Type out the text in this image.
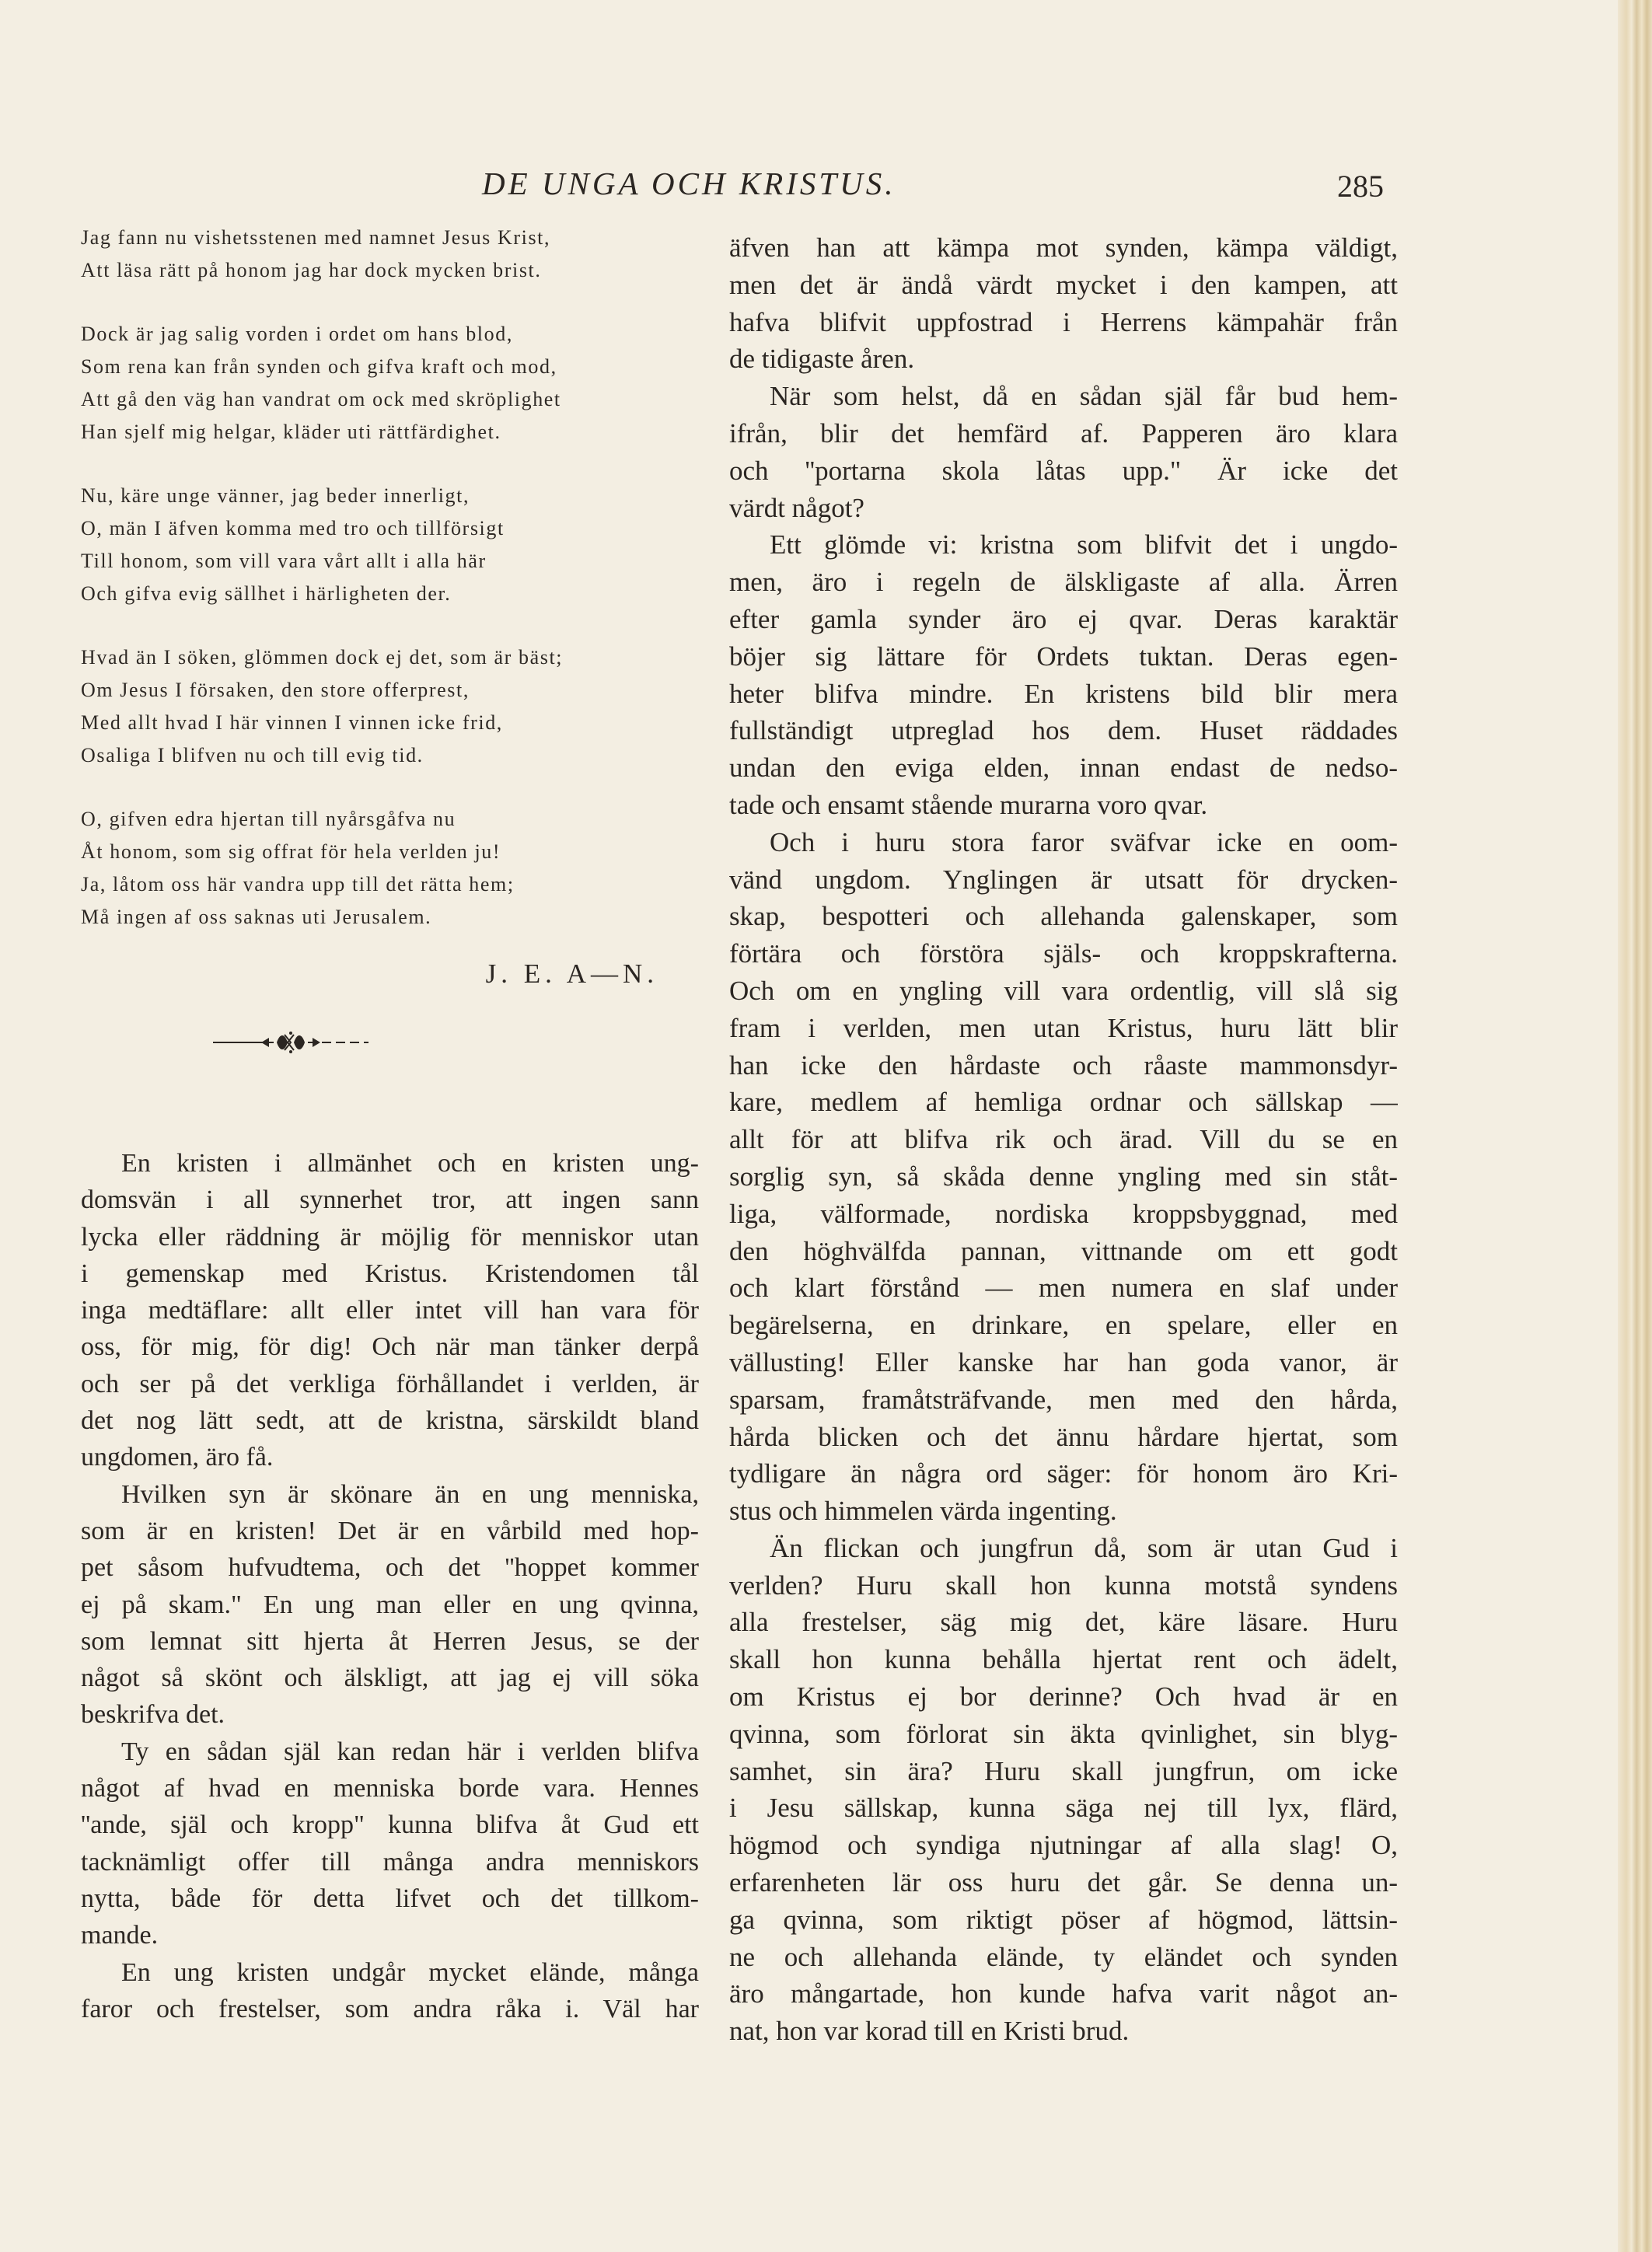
DE UNGA OCH KRISTUS.	285
Jag fann nu vishetsstenen med namnet Jesus Krist,
Att läsa rätt på honom jag har dock mycken brist.
Dock är jag salig vorden i ordet om hans blod,
Som rena kan från synden och gifva kraft och mod,
Att gå den väg han vandrat om ock med skröplighet
Han sjelf mig helgar, kläder uti rättfärdighet.
Nu, käre unge vänner, jag beder innerligt,
O, män I äfven komma med tro och tillförsigt
Till honom, som vill vara vårt allt i alla här
Och gifva evig sällhet i härligheten der.
Hvad än I söken, glömmen dock ej det, som är bäst;
Om Jesus I försaken, den store offerprest,
Med allt hvad I här vinnen I vinnen icke frid,
Osaliga I blifven nu och till evig tid.
O, gifven edra hjertan till nyårsgåfva nu
Åt honom, som sig offrat för hela verlden ju!
Ja, låtom oss här vandra upp till det rätta hem;
Må ingen af oss saknas uti Jerusalem.
J. E. A—N.
En kristen i allmänhet och en kristen ung-
domsvän i all synnerhet tror, att ingen sann
lycka eller räddning är möjlig för menniskor utan
i gemenskap med Kristus. Kristendomen tål
inga medtäflare: allt eller intet vill han vara för
oss, för mig, för dig! Och när man tänker derpå
och ser på det verkliga förhållandet i verlden, är
det nog lätt sedt, att de kristna, särskildt bland
ungdomen, äro få.
Hvilken syn är skönare än en ung menniska,
som är en kristen! Det är en vårbild med hop-
pet såsom hufvudtema, och det ''hoppet kommer
ej på skam." En ung man eller en ung qvinna,
som lemnat sitt hjerta åt Herren Jesus, se der
något så skönt och älskligt, att jag ej vill söka
beskrifva det.
Ty en sådan själ kan redan här i verlden blifva
något af hvad en menniska borde vara. Hennes
''ande, själ och kropp" kunna blifva åt Gud ett
tacknämligt offer till många andra menniskors
nytta, både för detta lifvet och det tillkom-
mande.
En ung kristen undgår mycket elände, många
faror och frestelser, som andra råka i. Väl har
äfven han att kämpa mot synden, kämpa väldigt,
men det är ändå värdt mycket i den kampen, att
hafva blifvit uppfostrad i Herrens kämpahär från
de tidigaste åren.
När som helst, då en sådan själ får bud hem-
ifrån, blir det hemfärd af. Papperen äro klara
och ''portarna skola låtas upp." Är icke det
värdt något?
Ett glömde vi: kristna som blifvit det i ungdo-
men, äro i regeln de älskligaste af alla. Ärren
efter gamla synder äro ej qvar. Deras karaktär
böjer sig lättare för Ordets tuktan. Deras egen-
heter blifva mindre. En kristens bild blir mera
fullständigt utpreglad hos dem. Huset räddades
undan den eviga elden, innan endast de nedso-
tade och ensamt stående murarna voro qvar.
Och i huru stora faror sväfvar icke en oom-
vänd ungdom. Ynglingen är utsatt för drycken-
skap, bespotteri och allehanda galenskaper, som
förtära och förstöra själs- och kroppskrafterna.
Och om en yngling vill vara ordentlig, vill slå sig
fram i verlden, men utan Kristus, huru lätt blir
han icke den hårdaste och råaste mammonsdyr-
kare, medlem af hemliga ordnar och sällskap —
allt för att blifva rik och ärad. Vill du se en
sorglig syn, så skåda denne yngling med sin ståt-
liga, välformade, nordiska kroppsbyggnad, med
den höghvälfda pannan, vittnande om ett godt
och klart förstånd — men numera en slaf under
begärelserna, en drinkare, en spelare, eller en
vällusting! Eller kanske har han goda vanor, är
sparsam, framåtsträfvande, men med den hårda,
hårda blicken och det ännu hårdare hjertat, som
tydligare än några ord säger: för honom äro Kri-
stus och himmelen värda ingenting.
Än flickan och jungfrun då, som är utan Gud i
verlden? Huru skall hon kunna motstå syndens
alla frestelser, säg mig det, käre läsare. Huru
skall hon kunna behålla hjertat rent och ädelt,
om Kristus ej bor derinne? Och hvad är en
qvinna, som förlorat sin äkta qvinlighet, sin blyg-
samhet, sin ära? Huru skall jungfrun, om icke
i Jesu sällskap, kunna säga nej till lyx, flärd,
högmod och syndiga njutningar af alla slag! O,
erfarenheten lär oss huru det går. Se denna un-
ga qvinna, som riktigt pöser af högmod, lättsin-
ne och allehanda elände, ty eländet och synden
äro mångartade, hon kunde hafva varit något an-
nat, hon var korad till en Kristi brud.
